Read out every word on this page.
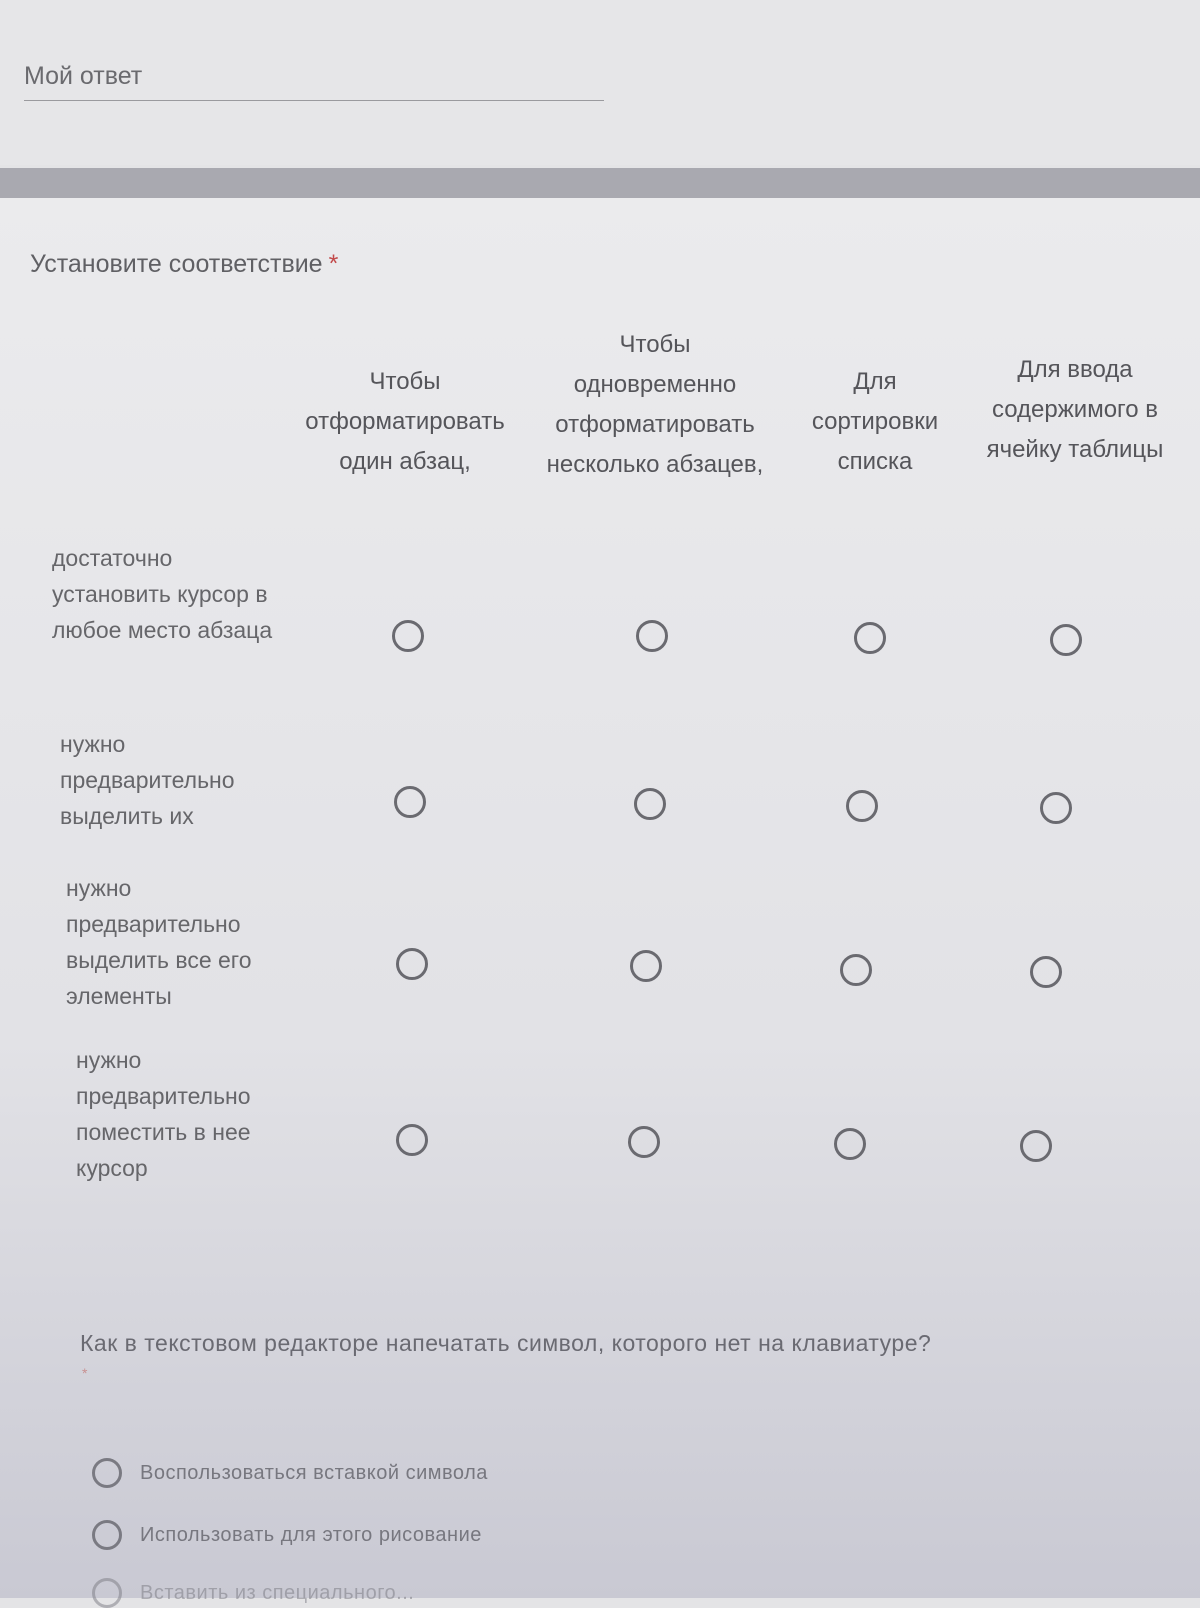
Мой ответ
Установите соответствие *
Чтобы отформатировать один абзац,
Чтобы одновременно отформатировать несколько абзацев,
Для сортировки списка
Для ввода содержимого в ячейку таблицы
достаточно установить курсор в любое место абзаца
нужно предварительно выделить их
нужно предварительно выделить все его элементы
нужно предварительно поместить в нее курсор
Как в текстовом редакторе напечатать символ, которого нет на клавиатуре?
*
Воспользоваться вставкой символа
Использовать для этого рисование
Вставить из специального...
